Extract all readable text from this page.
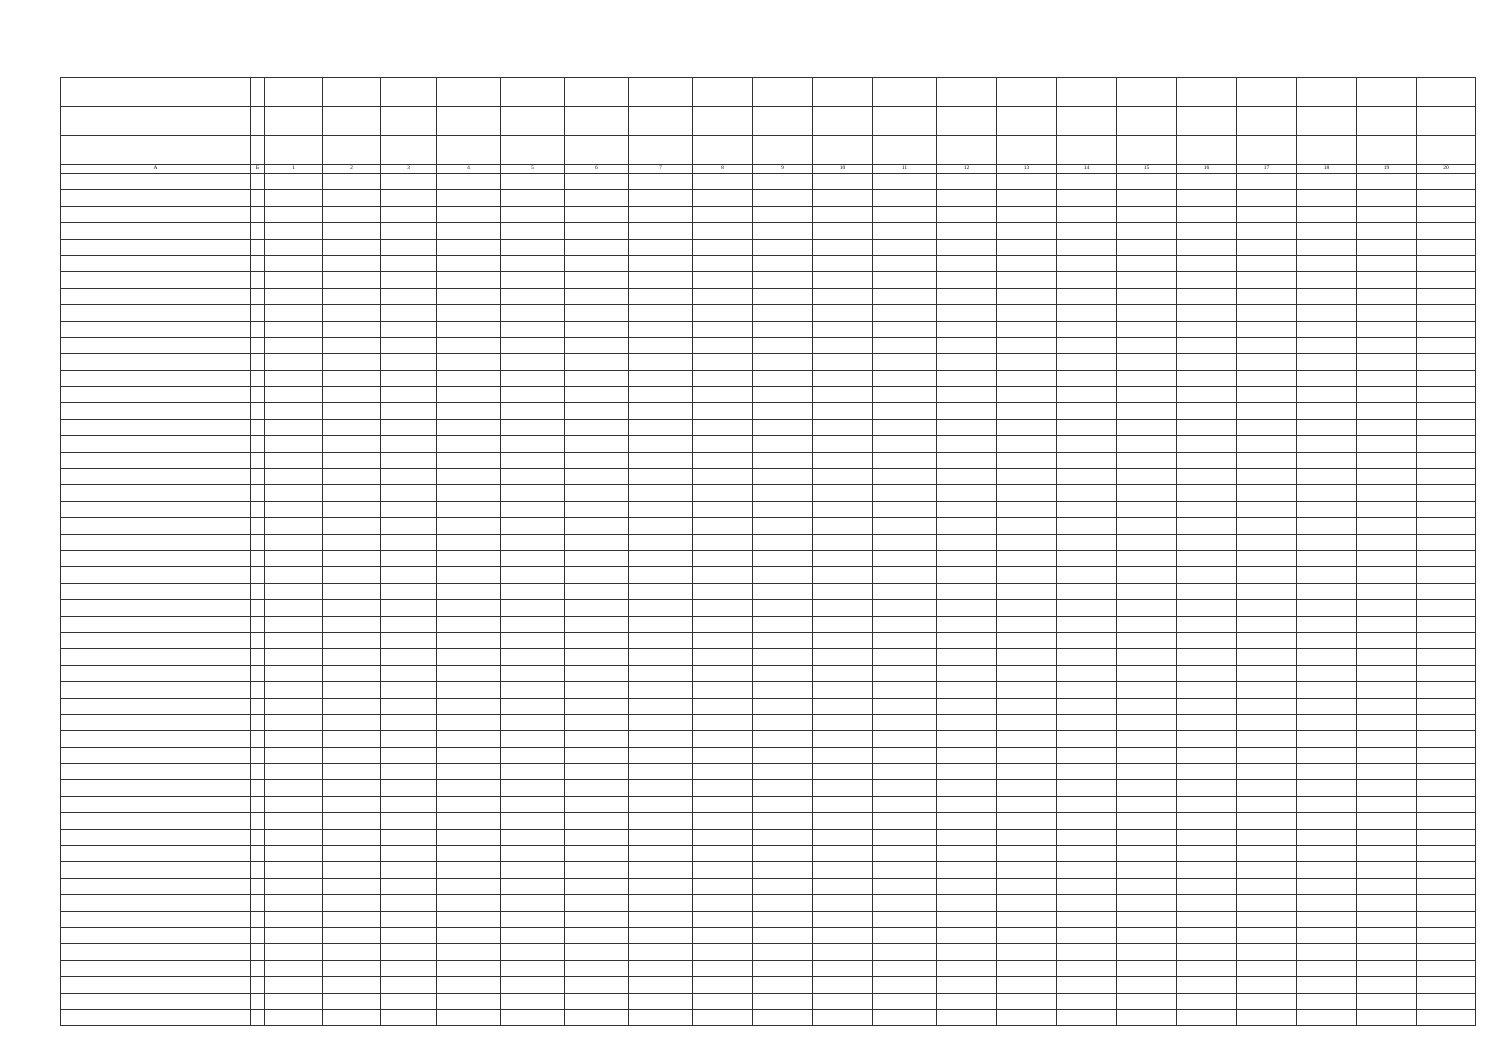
А	Б	1	2	3	4	5	6	7	8	9	10	11	12	13	14	15	16	17	18	19	20
